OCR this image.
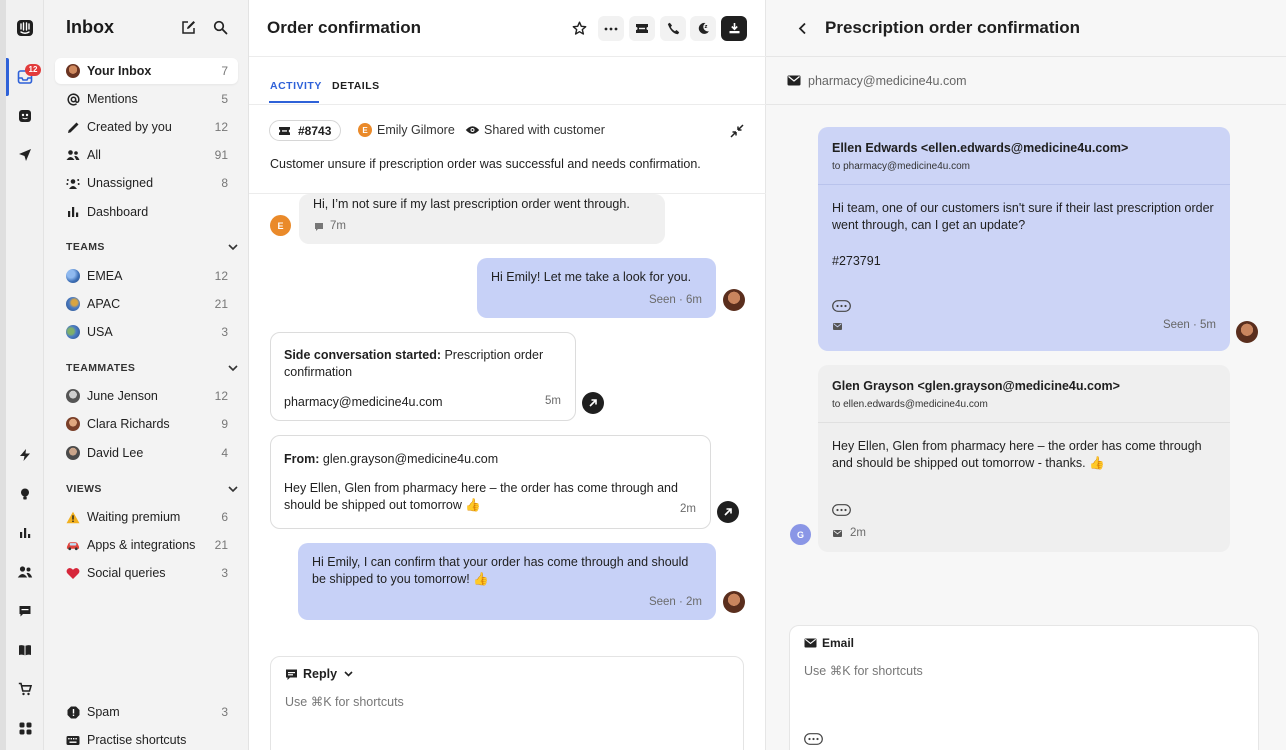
12
Inbox
Your Inbox	7
Mentions	5
Created by you	12
All	91
Unassigned	8
Dashboard
TEAMS
EMEA	12
APAC	21
USA	3
TEAMMATES
June Jenson	12
Clara Richards	9
David Lee	4
VIEWS
Waiting premium	6
Apps & integrations	21
Social queries	3
Spam	3
Practise shortcuts
Order confirmation	z
ACTIVITY DETAILS
#8743	E Emily Gilmore Shared with customer
Customer unsure if prescription order was successful and needs confirmation.
Hi, I’m not sure if my last prescription order went through.
7m
E
Hi Emily! Let me take a look for you.
Seen · 6m
Side conversation started: Prescription order confirmation
pharmacy@medicine4u.com	5m
From: glen.grayson@medicine4u.com
Hey Ellen, Glen from pharmacy here – the order has come through and should be shipped out tomorrow 👍	2m
Hi Emily, I can confirm that your order has come through and should be shipped to you tomorrow! 👍
Seen · 2m
Reply
Use ⌘K for shortcuts
Prescription order confirmation
pharmacy@medicine4u.com
Ellen Edwards <ellen.edwards@medicine4u.com>
to pharmacy@medicine4u.com
Hi team, one of our customers isn't sure if their last prescription order went through, can I get an update?
#273791
Seen · 5m
Glen Grayson <glen.grayson@medicine4u.com>
to ellen.edwards@medicine4u.com
Hey Ellen, Glen from pharmacy here – the order has come through and should be shipped out tomorrow - thanks. 👍
2m
G
Email
Use ⌘K for shortcuts
